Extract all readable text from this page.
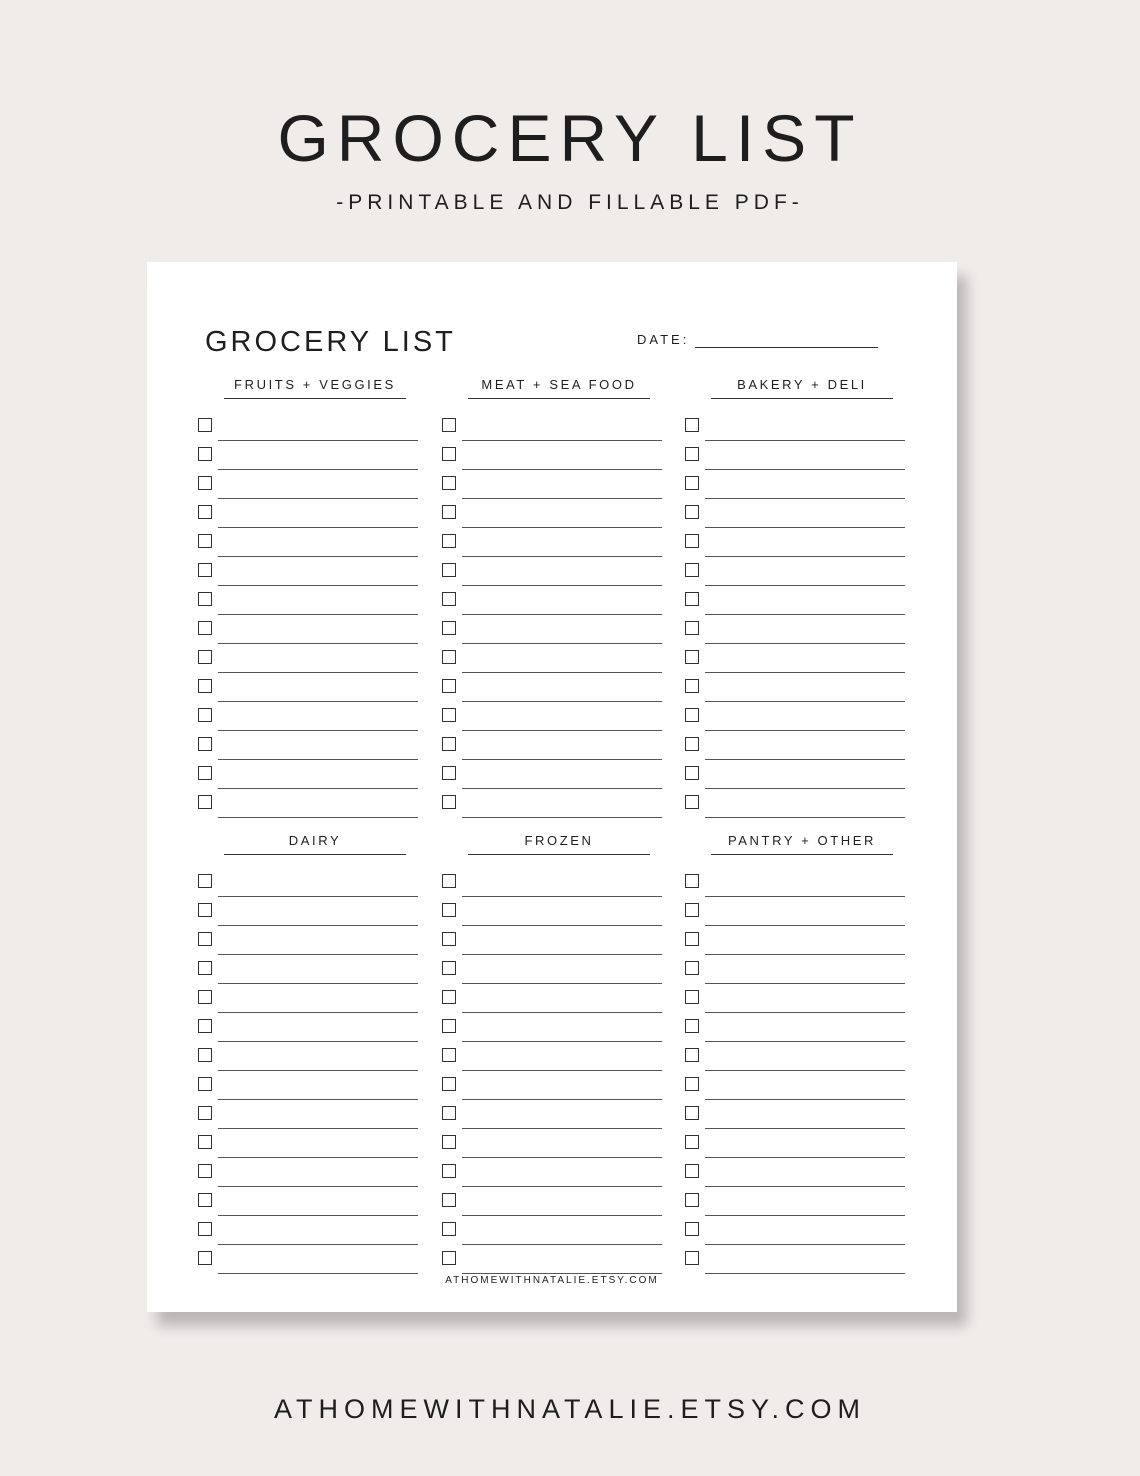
GROCERY LIST
-PRINTABLE AND FILLABLE PDF-
GROCERY LIST	DATE:
FRUITS + VEGGIES	MEAT + SEA FOOD	BAKERY + DELI
DAIRY	FROZEN	PANTRY + OTHER
ATHOMEWITHNATALIE.ETSY.COM
ATHOMEWITHNATALIE.ETSY.COM
